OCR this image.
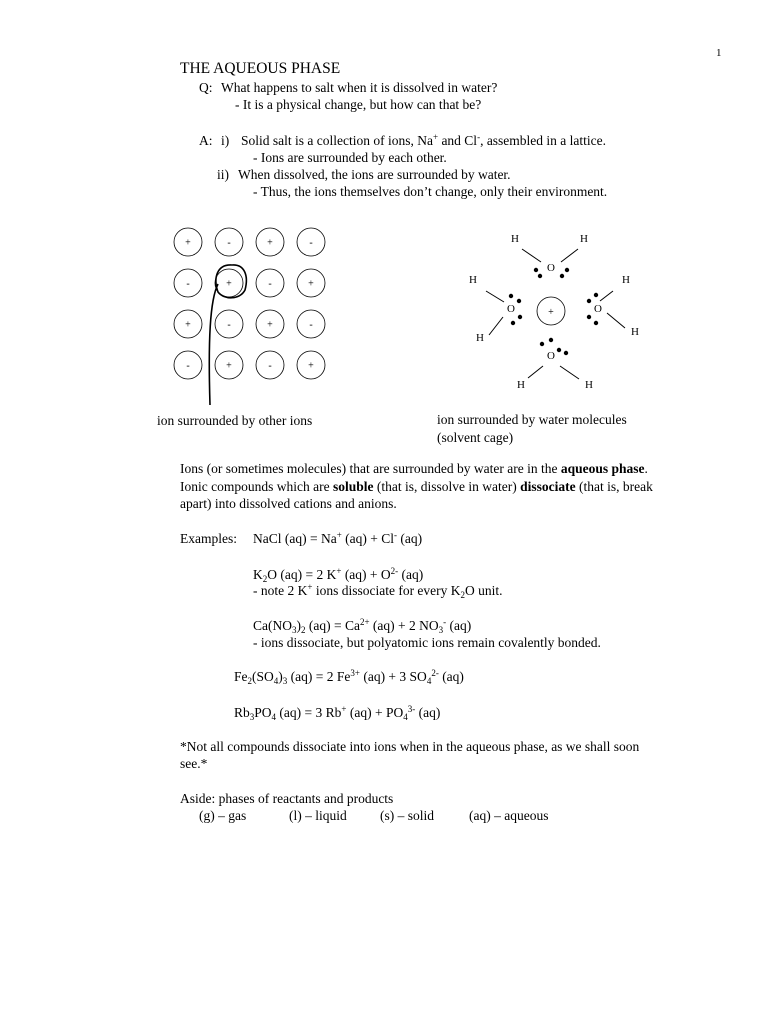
1
THE AQUEOUS PHASE
Q: What happens to salt when it is dissolved in water?
- It is a physical change, but how can that be?
A: i) Solid salt is a collection of ions, Na+ and Cl-, assembled in a lattice.
- Ions are surrounded by each other.
ii) When dissolved, the ions are surrounded by water.
- Thus, the ions themselves don’t change, only their environment.
+	-	+	-
-	+	-	+
+	-	+	-
-	+	-	+
ion surrounded by other ions
+
O
H	H
O
H
H
O
H
H
O
H	H
ion surrounded by water molecules
(solvent cage)
Ions (or sometimes molecules) that are surrounded by water are in the aqueous phase.
Ionic compounds which are soluble (that is, dissolve in water) dissociate (that is, break
apart) into dissolved cations and anions.
Examples: NaCl (aq) = Na+ (aq) + Cl- (aq)
$K_2O$ (aq) = 2 K+ $(aq) + O^{2-}$ (aq)
- note 2 K+ ions dissociate for every $K_2O$ unit.
$Ca(NO_3)_2$ $(aq) = Ca^{2+}$ (aq) + 2 $NO_3^-$ (aq)
- ions dissociate, but polyatomic ions remain covalently bonded.
$Fe_2(SO_4)_3$ (aq) = 2 $Fe^{3+}$ (aq) + 3 $SO_4^{2-}$ (aq)
$Rb_3PO_4$ (aq) = 3 Rb+ $(aq) + PO_4^{3-}$ (aq)
*Not all compounds dissociate into ions when in the aqueous phase, as we shall soon
see.*
Aside: phases of reactants and products
(g) – gas	(l) – liquid (s) – solid	(aq) – aqueous
